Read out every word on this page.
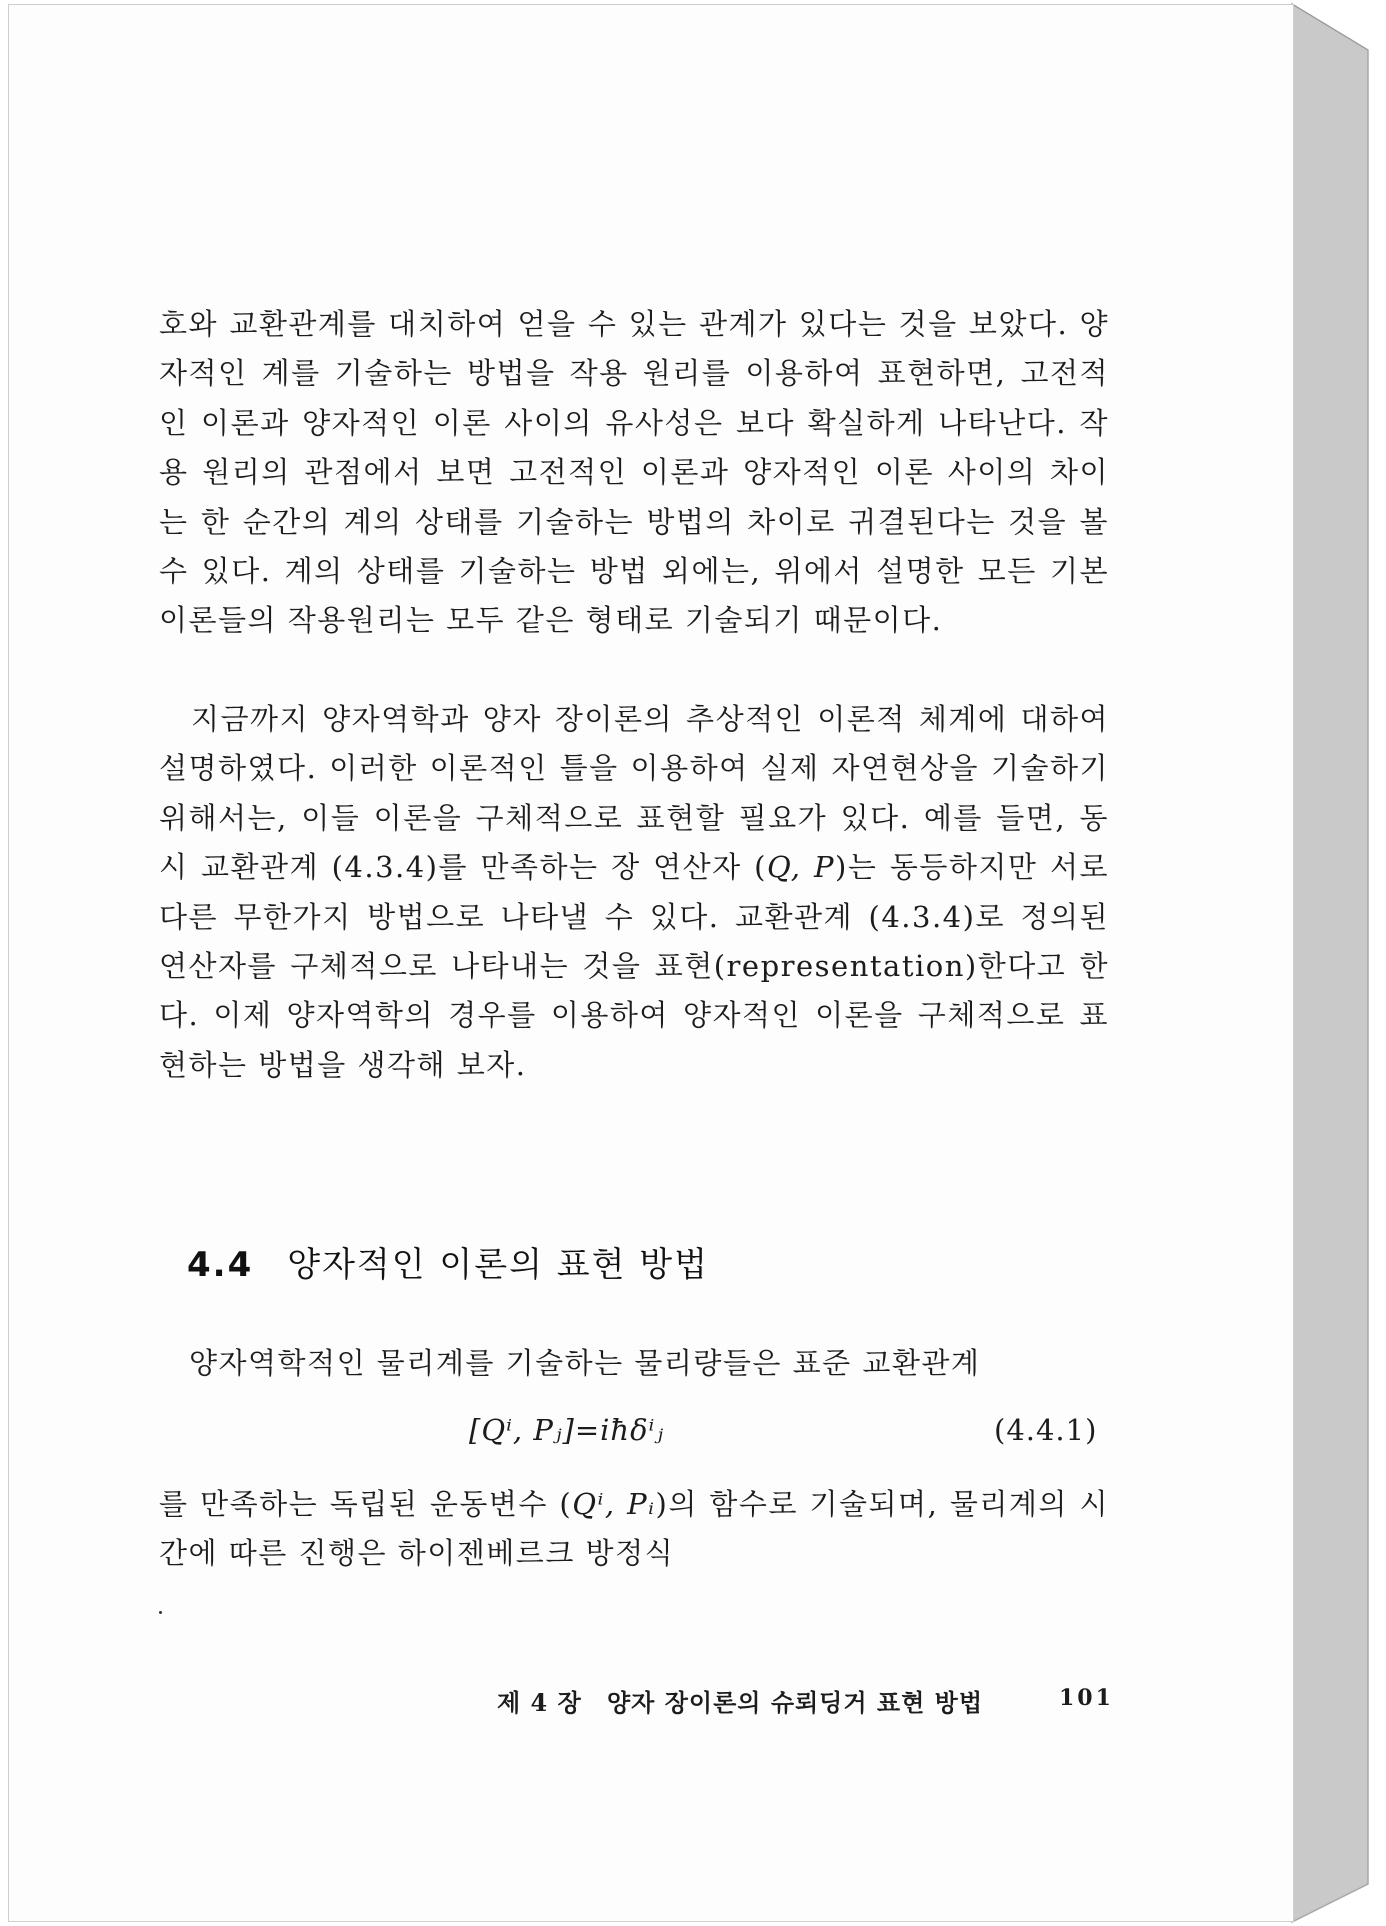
호와 교환관계를 대치하여 얻을 수 있는 관계가 있다는 것을 보았다. 양자적인 계를 기술하는 방법을 작용 원리를 이용하여 표현하면, 고전적인 이론과 양자적인 이론 사이의 유사성은 보다 확실하게 나타난다. 작용 원리의 관점에서 보면 고전적인 이론과 양자적인 이론 사이의 차이는 한 순간의 계의 상태를 기술하는 방법의 차이로 귀결된다는 것을 볼 수 있다. 계의 상태를 기술하는 방법 외에는, 위에서 설명한 모든 기본 이론들의 작용원리는 모두 같은 형태로 기술되기 때문이다.

지금까지 양자역학과 양자 장이론의 추상적인 이론적 체계에 대하여 설명하였다. 이러한 이론적인 틀을 이용하여 실제 자연현상을 기술하기 위해서는, 이들 이론을 구체적으로 표현할 필요가 있다. 예를 들면, 동시 교환관계 (4.3.4)를 만족하는 장 연산자 (Q, P)는 동등하지만 서로 다른 무한가지 방법으로 나타낼 수 있다. 교환관계 (4.3.4)로 정의된 연산자를 구체적으로 나타내는 것을 표현(representation)한다고 한다. 이제 양자역학의 경우를 이용하여 양자적인 이론을 구체적으로 표현하는 방법을 생각해 보자.

4.4 양자적인 이론의 표현 방법

양자역학적인 물리계를 기술하는 물리량들은 표준 교환관계

[Qⁱ, Pⱼ]=iħδⁱⱼ	(4.4.1)

를 만족하는 독립된 운동변수 (Qⁱ, Pᵢ)의 함수로 기술되며, 물리계의 시간에 따른 진행은 하이젠베르크 방정식

제 4 장 양자 장이론의 슈뢰딩거 표현 방법	101
